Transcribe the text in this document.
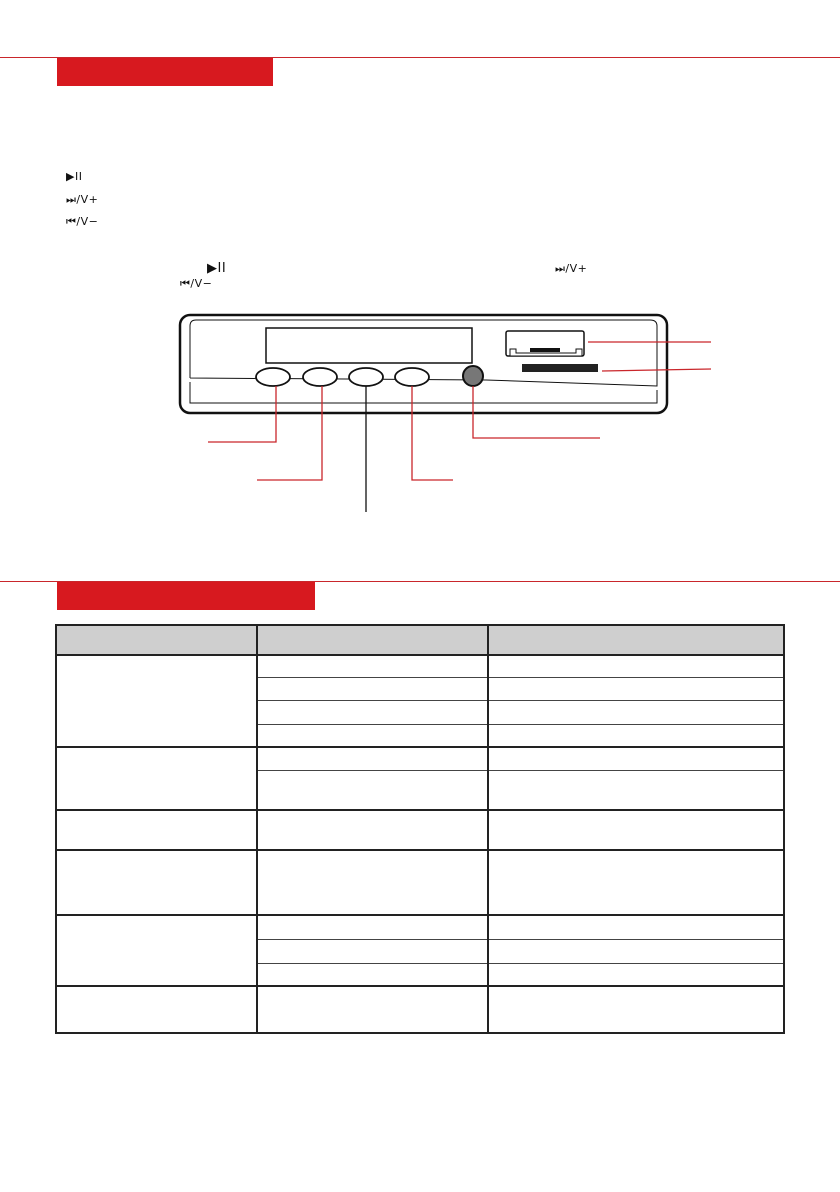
▶II
⏭/V+
⏮/V−
▶II
⏮/V−
⏭/V+
